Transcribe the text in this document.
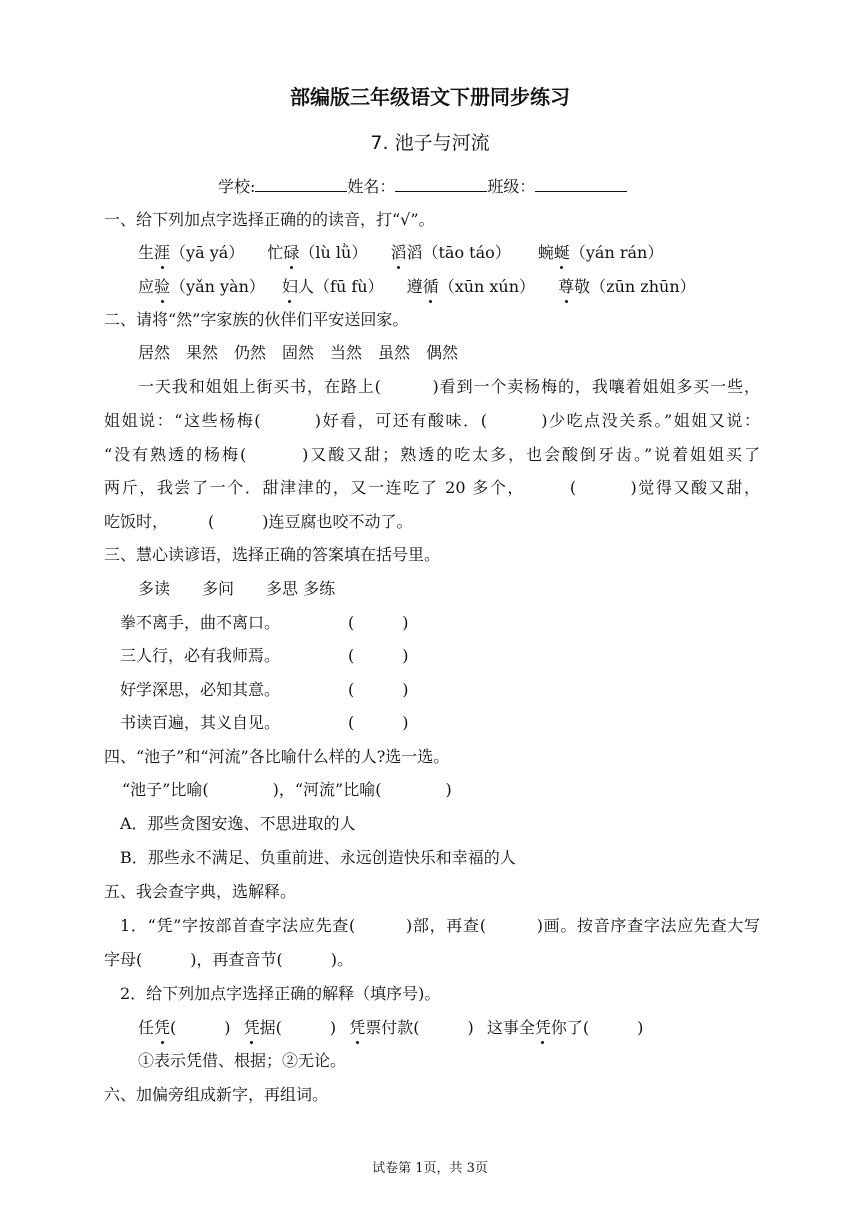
部编版三年级语文下册同步练习
7. 池子与河流
学校:	姓名：	班级：
一、给下列加点字选择正确的的读音，打“√”。
生涯（yā yá） 忙碌（lù lǜ） 滔滔（tāo táo） 蜿蜒（yán rán）
应验（yǎn yàn） 妇人（fū fù） 遵循（xūn xún） 尊敬（zūn zhūn）
二、请将“然”字家族的伙伴们平安送回家。
居然　果然　仍然　固然　当然　虽然　偶然
一天我和姐姐上街买书，在路上(　　　)看到一个卖杨梅的，我嚷着姐姐多买一些，
姐姐说：“这些杨梅(　　　)好看，可还有酸味．(　　　)少吃点没关系。”姐姐又说：
“没有熟透的杨梅(　　　)又酸又甜；熟透的吃太多，也会酸倒牙齿。”说着姐姐买了
两斤，我尝了一个．甜津津的，又一连吃了 20 多个，　　　(　　　)觉得又酸又甜，
吃饭时，　　　(　　　)连豆腐也咬不动了。
三、慧心读谚语，选择正确的答案填在括号里。
多读　　多问　　多思 多练
拳不离手，曲不离口。	(　　　)
三人行，必有我师焉。	(　　　)
好学深思，必知其意。	(　　　)
书读百遍，其义自见。	(　　　)
四、“池子”和“河流”各比喻什么样的人?选一选。
“池子”比喻(　　　　)，“河流”比喻(　　　　)
A．那些贪图安逸、不思进取的人
B．那些永不满足、负重前进、永远创造快乐和幸福的人
五、我会查字典，选解释。
1．“凭”字按部首查字法应先查(　　　)部，再查(　　　)画。按音序查字法应先查大写
字母(　　　)，再查音节(　　　)。
2．给下列加点字选择正确的解释（填序号)。
任凭(　　　) 凭据(　　　) 凭票付款(　　　) 这事全凭你了(　　　)
①表示凭借、根据；②无论。
六、加偏旁组成新字，再组词。
试卷第 1页，共 3页
